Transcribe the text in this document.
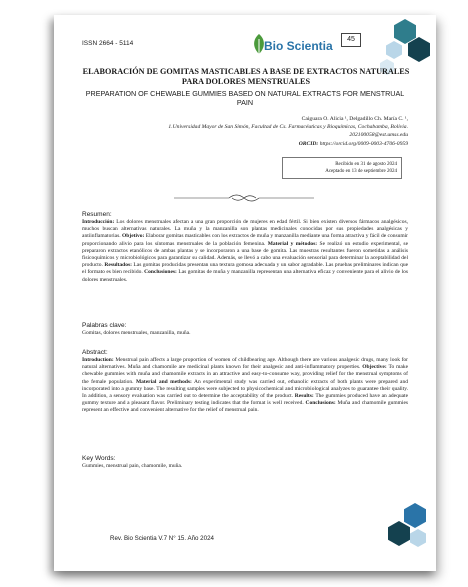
ISSN 2664 - 5114	Bio Scientia	45
ELABORACIÓN DE GOMITAS MASTICABLES A BASE DE EXTRACTOS NATURALES PARA DOLORES MENSTRUALES
PREPARATION OF CHEWABLE GUMMIES BASED ON NATURAL EXTRACTS FOR MENSTRUAL PAIN
Caiguara O. Alicia ¹, Delgadillo Ch. María C. ¹,
1.Universidad Mayor de San Simón, Facultad de Cs. Farmacéuticas y Bioquímicas, Cochabamba, Bolivia.
202100058@est.umss.edu
ORCID: https://orcid.org/0009-0003-4706-0959
Recibido en 31 de agosto 2024
Aceptado en 13 de septiembre 2024
Resumen:
Introducción: Los dolores menstruales afectan a una gran proporción de mujeres en edad fértil. Si bien existen diversos fármacos analgésicos, muchos buscan alternativas naturales. La muña y la manzanilla son plantas medicinales conocidas por sus propiedades analgésicas y antiinflamatorias. Objetivo: Elaborar gomitas masticables con los extractos de muña y manzanilla mediante una forma atractiva y fácil de consumir proporcionando alivio para los síntomas menstruales de la población femenina. Material y métodos: Se realizó un estudio experimental, se prepararon extractos etanólicos de ambas plantas y se incorporaron a una base de gomita. Las muestras resultantes fueron sometidas a análisis fisicoquímicos y microbiológicos para garantizar su calidad. Además, se llevó a cabo una evaluación sensorial para determinar la aceptabilidad del producto. Resultados: Las gomitas producidas presentan una textura gomosa adecuada y un sabor agradable. Las pruebas preliminares indican que el formato es bien recibido. Conclusiones: Las gomitas de muña y manzanilla representan una alternativa eficaz y conveniente para el alivio de los dolores menstruales.
Palabras clave:
Gomitas, dolores menstruales, manzanilla, muña.
Abstract:
Introduction: Menstrual pain affects a large proportion of women of childbearing age. Although there are various analgesic drugs, many look for natural alternatives. Muña and chamomile are medicinal plants known for their analgesic and anti-inflammatory properties. Objective: To make chewable gummies with muña and chamomile extracts in an attractive and easy-to-consume way, providing relief for the menstrual symptoms of the female population. Material and methods: An experimental study was carried out, ethanolic extracts of both plants were prepared and incorporated into a gummy base. The resulting samples were subjected to physicochemical and microbiological analyzes to guarantee their quality. In addition, a sensory evaluation was carried out to determine the acceptability of the product. Results: The gummies produced have an adequate gummy texture and a pleasant flavor. Preliminary testing indicates that the format is well received. Conclusions: Muña and chamomile gummies represent an effective and convenient alternative for the relief of menstrual pain.
Key Words:
Gummies, menstrual pain, chamomile, muña.
Rev. Bio Scientia V.7 N° 15. Año 2024
